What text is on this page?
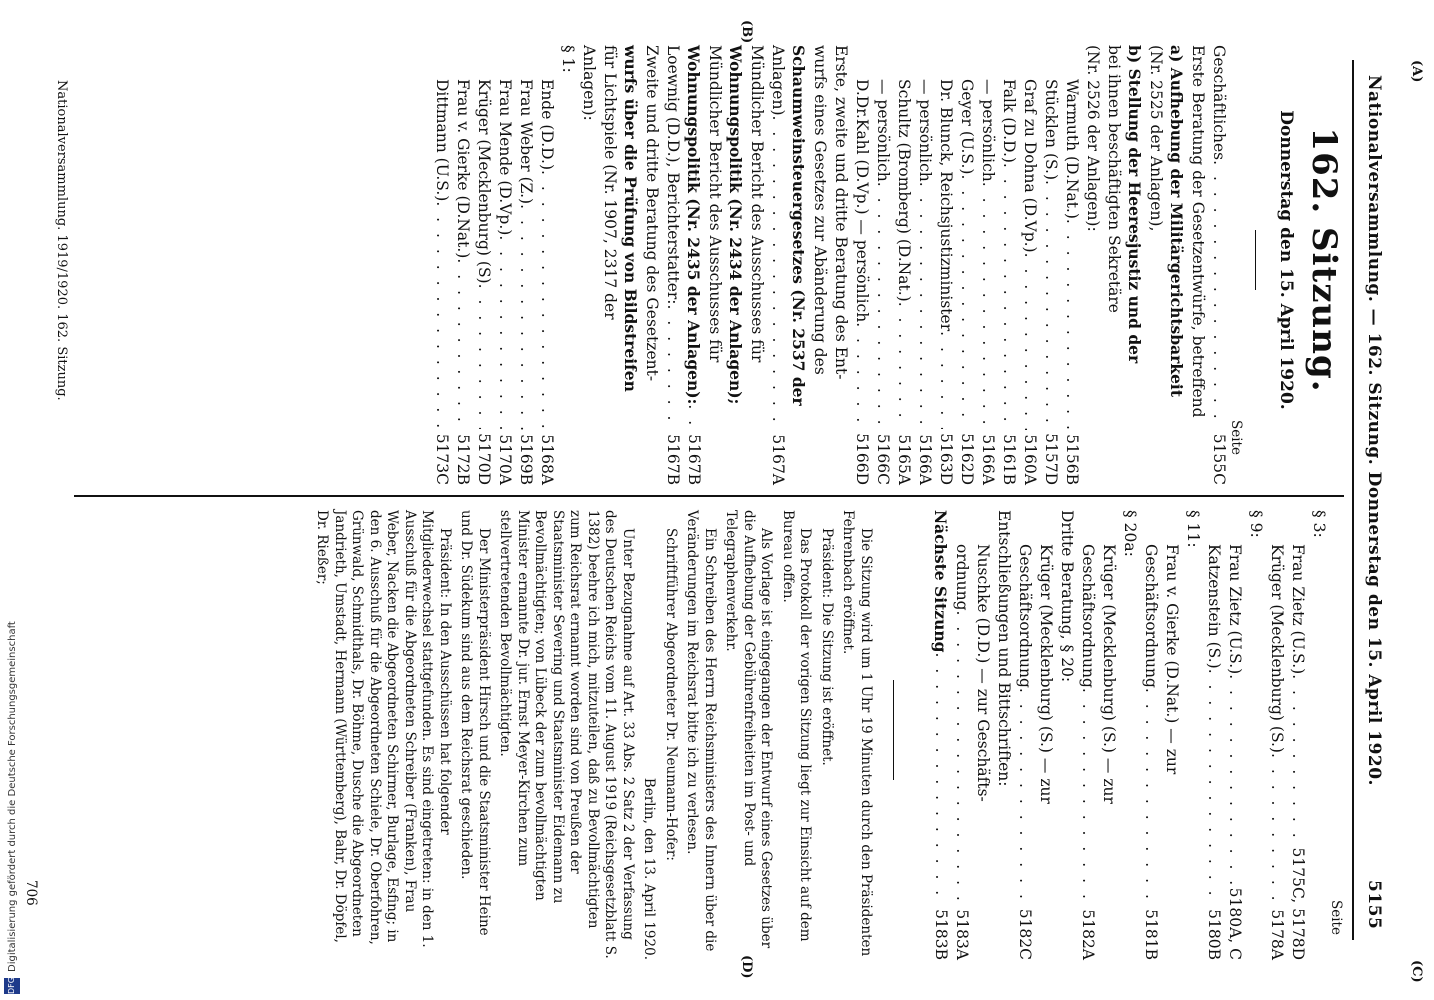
(A)
(C)
(B)
(D)
Nationalversammlung. — 162. Sitzung. Donnerstag den 15. April 1920.
5155
162. Sitzung.
Donnerstag den 15. April 1920.
Seite
Geschäftliches
. . .
5155C
Erste Beratung der Gesetzentwürfe, betreffend
a) Aufhebung der Militärgerichtsbarkeit
(Nr. 2525 der Anlagen),
b) Stellung der Heeresjustiz und der
bei ihnen beschäftigten Sekretäre
(Nr. 2526 der Anlagen):
Warmuth (D.Nat.)
. . .
5156B
Stücklen (S.)
. . .
5157D
Graf zu Dohna (D.Vp.)
. . .
5160A
Falk (D.D.)
. . .
5161B
— persönlich
. . .
5166A
Geyer (U.S.)
. . .
5162D
Dr. Blunck, Reichsjustizminister
. . .
5163D
— persönlich
. . .
5166A
Schultz (Bromberg) (D.Nat.)
. . .
5165A
— persönlich
. . .
5166C
D.Dr.Kahl (D.Vp.) — persönlich
. . .
5166D
Erste, zweite und dritte Beratung des Ent-
wurfs eines Gesetzes zur Abänderung des
Schaumweinsteuergesetzes (Nr. 2537 der
Anlagen)
. . .
5167A
Mündlicher Bericht des Ausschusses für
Wohnungspolitik (Nr. 2434 der Anlagen);
Mündlicher Bericht des Ausschusses für
Wohnungspolitik (Nr. 2435 der Anlagen):
. . .
5167B
Loewnig (D.D.), Berichterstatter:
. . .
5167B
Zweite und dritte Beratung des Gesetzent-
wurfs über die Prüfung von Bildstreifen
für Lichtspiele (Nr. 1907, 2317 der
Anlagen):
§ 1:
Ende (D.D.)
. . .
5168A
Frau Weber (Z.)
. . .
5169B
Frau Mende (D.Vp.)
. . .
5170A
Krüger (Mecklenburg) (S)
. . .
5170D
Frau v. Gierke (D.Nat.)
. . .
5172B
Dittmann (U.S.)
. . .
5173C
Nationalversammlung. 1919/1920. 162. Sitzung.
Seite
§ 3:
Frau Zietz (U.S.)
. . .
5175C, 5178D
Krüger (Mecklenburg) (S.)
. . .
5178A
§ 9:
Frau Zietz (U.S.)
. . .
5180A, C
Katzenstein (S.)
. . .
5180B
§ 11:
Frau v. Gierke (D.Nat.) — zur
Geschäftsordnung
. . .
5181B
§ 20a:
Krüger (Mecklenburg) (S.) — zur
Geschäftsordnung
. . .
5182A
Dritte Beratung, § 20:
Krüger (Mecklenburg) (S.) — zur
Geschäftsordnung
. . .
5182C
Entschließungen und Bittschriften:
Nuschke (D.D.) — zur Geschäfts-
ordnung
. . .
5183A
Nächste Sitzung
. . .
5183B

Die Sitzung wird um 1 Uhr 19 Minuten durch den Präsidenten Fehrenbach eröffnet.

Präsident: Die Sitzung ist eröffnet.

Das Protokoll der vorigen Sitzung liegt zur Einsicht auf dem Bureau offen.

Als Vorlage ist eingegangen der Entwurf eines Gesetzes über die Aufhebung der Gebührenfreiheiten im Post- und Telegraphenverkehr.

Ein Schreiben des Herrn Reichsministers des Innern über die Veränderungen im Reichsrat bitte ich zu verlesen.

Schriftführer Abgeordneter Dr. Neumann-Hofer:

Berlin, den 13. April 1920.

Unter Bezugnahme auf Art. 33 Abs. 2 Satz 2 der Verfassung des Deutschen Reichs vom 11. August 1919 (Reichsgesetzblatt S. 1382) beehre ich mich, mitzuteilen, daß zu Bevollmächtigten zum Reichsrat ernannt worden sind von Preußen der Staatsminister Severing und Staatsminister Eidemann zu Bevollmächtigten; von Lübeck der zum bevollmächtigten Minister ernannte Dr. jur. Ernst Meyer-Kirchen zum stellvertretenden Bevollmächtigten.

Der Ministerpräsident Hirsch und die Staatsminister Heine und Dr. Südekum sind aus dem Reichsrat geschieden.

Präsident: In den Ausschüssen hat folgender Mitgliederwechsel stattgefunden. Es sind eingetreten: in den 1. Ausschuß für die Abgeordneten Schreiber (Franken), Frau Weber, Nacken die Abgeordneten Schirmer, Burlage, Esfing; in den 6. Ausschuß für die Abgeordneten Schiele, Dr. Oberfohren, Grünwald, Schmidthals, Dr. Böhme, Dusche die Abgeordneten Jandrieth, Umstadt, Hermann (Württemberg), Bahr, Dr. Döpfel, Dr. Rießer;

706
DFGDigitalisierung gefördert durch die Deutsche Forschungsgemeinschaft
